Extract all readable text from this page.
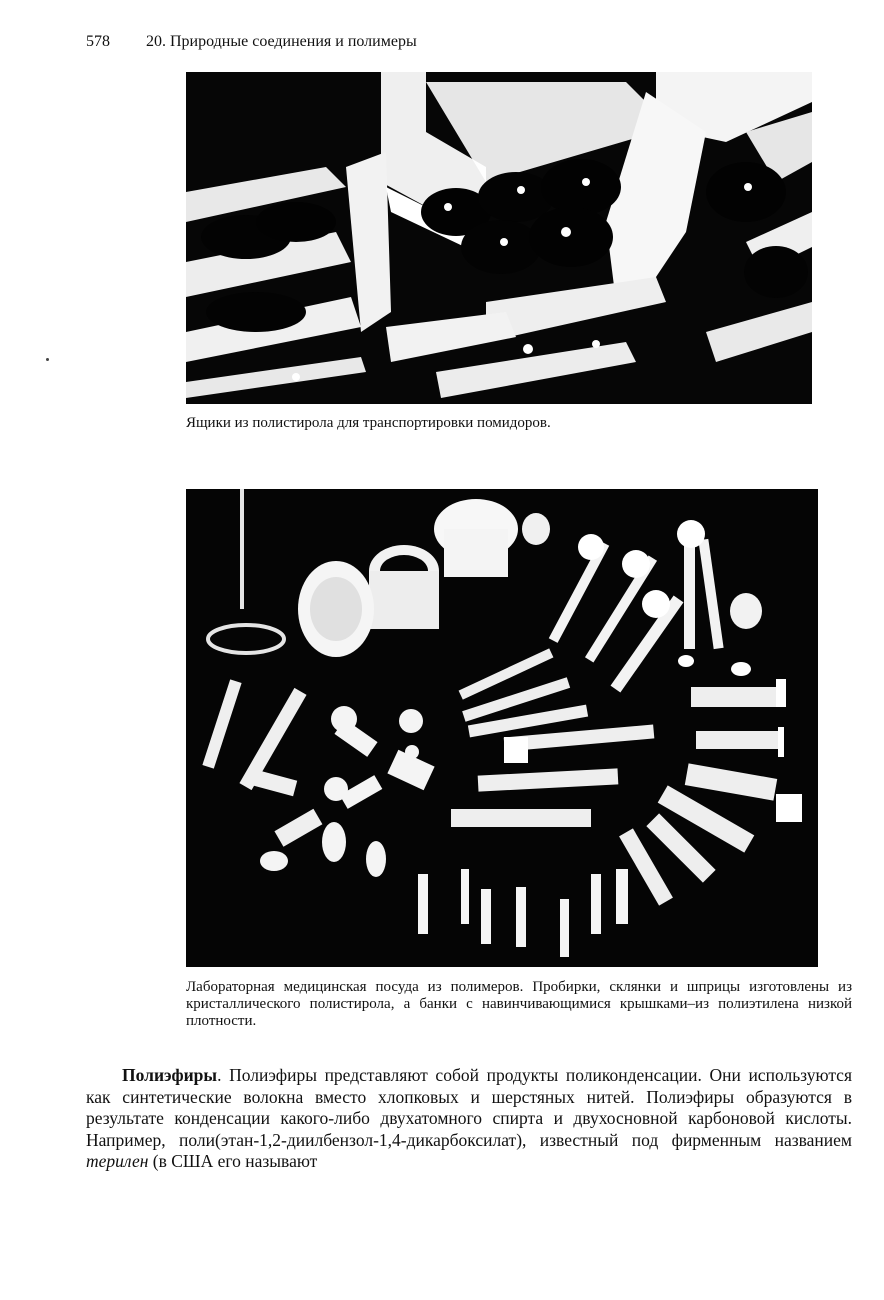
578 20. Природные соединения и полимеры
Ящики из полистирола для транспортировки помидоров.
Лабораторная медицинская посуда из полимеров. Пробирки, склянки и шприцы изготовлены из кристаллического полистирола, а банки с навинчивающимися крышками–из полиэтилена низкой плотности.

Полиэфиры. Полиэфиры представляют собой продукты поликонденсации. Они используются как синтетические волокна вместо хлопковых и шерстяных нитей. Полиэфиры образуются в результате конденсации какого-либо двухатомного спирта и двухосновной карбоновой кислоты. Например, поли(этан-1,2-диилбензол-1,4-дикарбоксилат), известный под фирменным названием терилен (в США его называют
